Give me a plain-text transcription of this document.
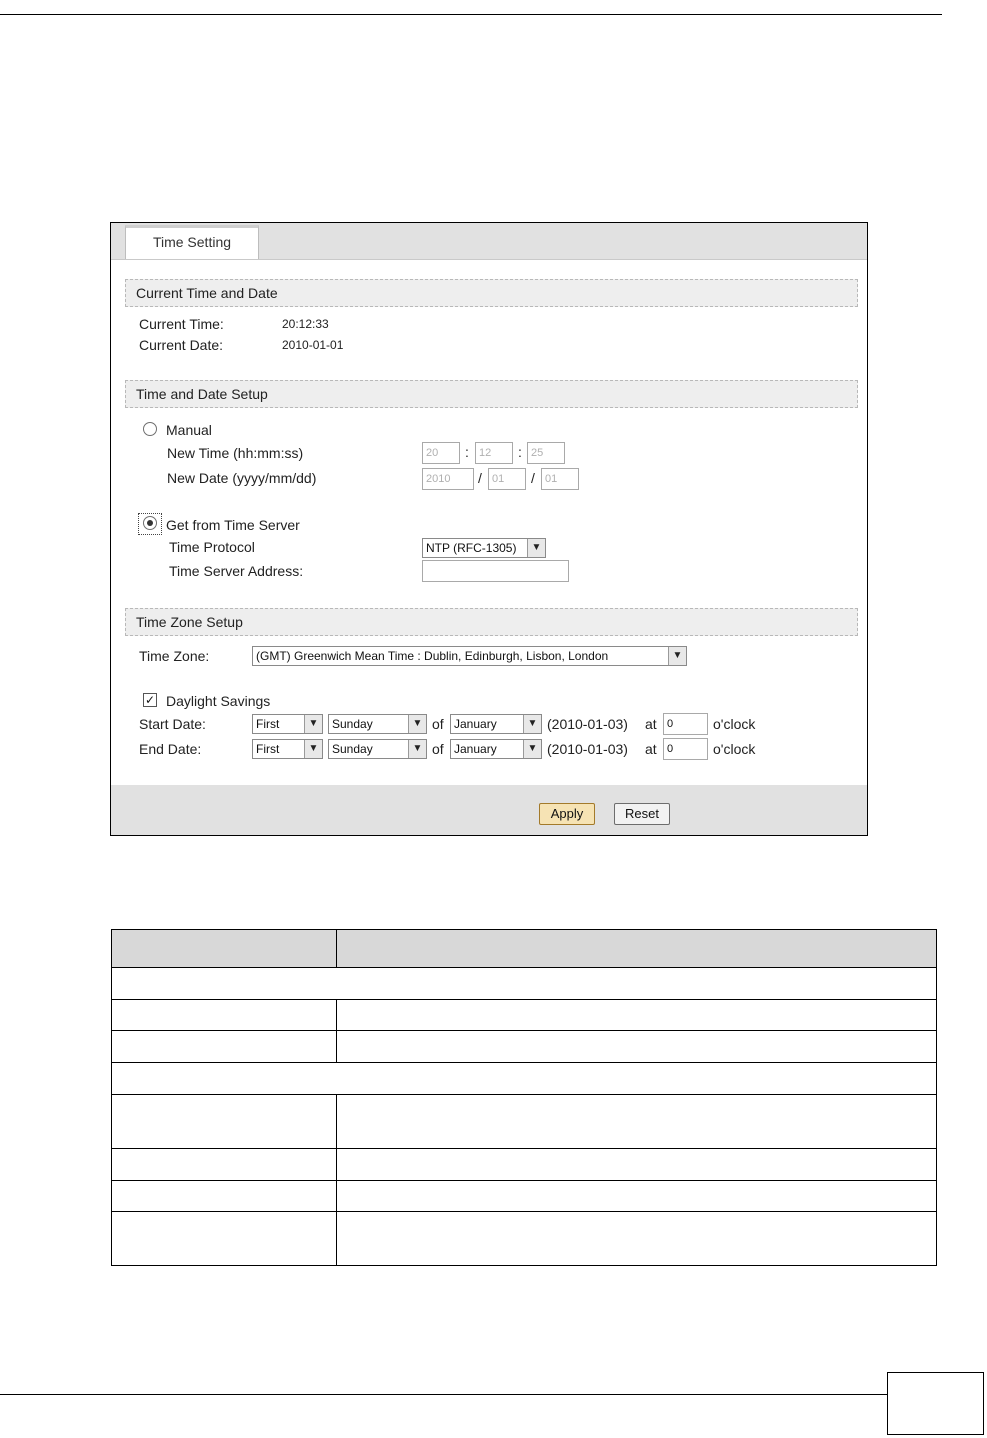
Time Setting
Current Time and Date
Current Time:	20:12:33
Current Date:	2010-01-01
Time and Date Setup
Manual
New Time (hh:mm:ss)	20	: 12	: 25
New Date (yyyy/mm/dd)	2010	/ 01	/ 01
Get from Time Server
Time Protocol	NTP (RFC-1305)	▼
Time Server Address:
Time Zone Setup
Time Zone:	(GMT) Greenwich Mean Time : Dublin, Edinburgh, Lisbon, London	▼
✓ Daylight Savings
Start Date:	First	▼	Sunday	▼ of January	▼ (2010-01-03) at 0	o'clock
End Date:	First	▼	Sunday	▼ of January	▼ (2010-01-03) at 0	o'clock
Apply	Reset
